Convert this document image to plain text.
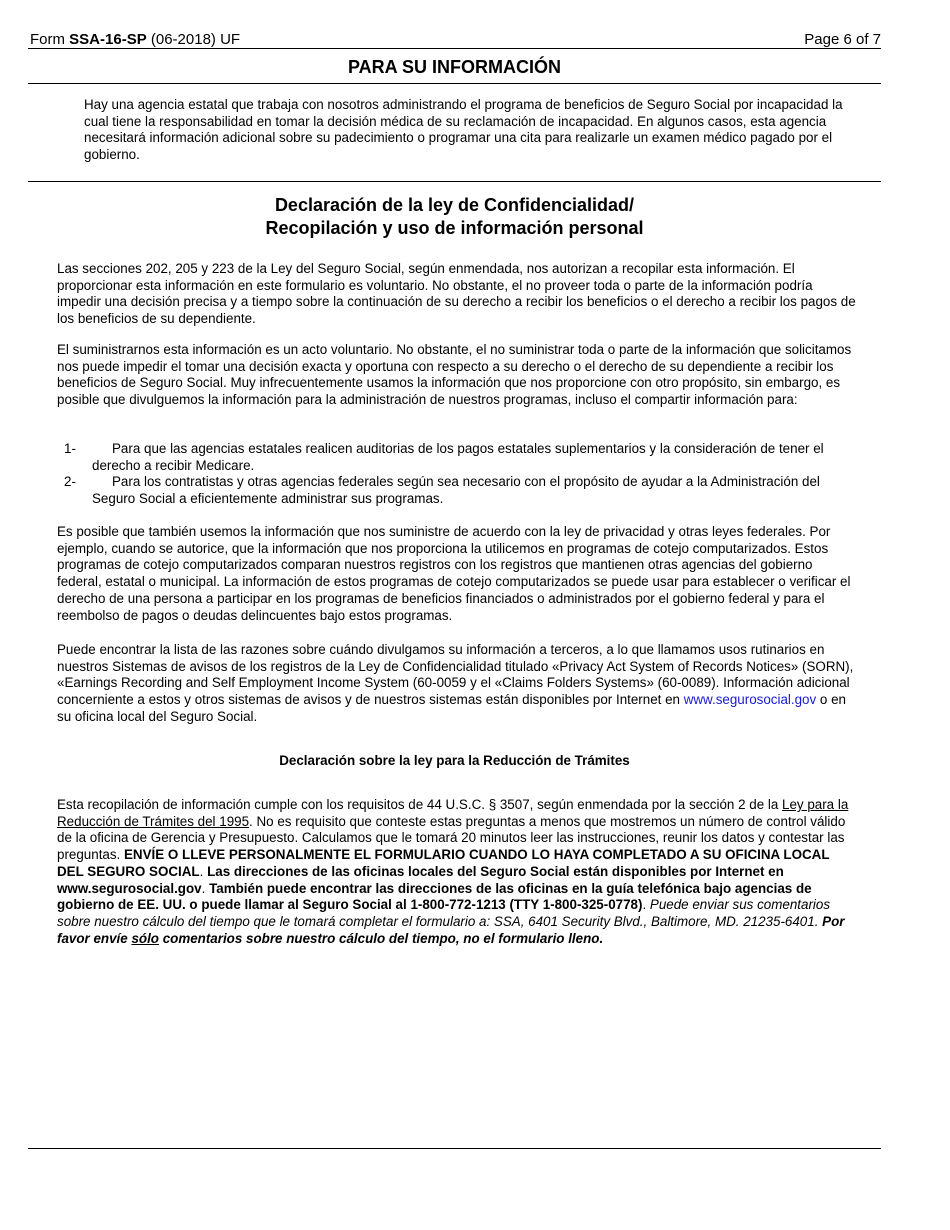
Form SSA-16-SP (06-2018) UF	Page 6 of 7
PARA SU INFORMACIÓN
Hay una agencia estatal que trabaja con nosotros administrando el programa de beneficios de Seguro Social por incapacidad la cual tiene la responsabilidad en tomar la decisión médica de su reclamación de incapacidad. En algunos casos, esta agencia necesitará información adicional sobre su padecimiento o programar una cita para realizarle un examen médico pagado por el gobierno.
Declaración de la ley de Confidencialidad/
Recopilación y uso de información personal
Las secciones 202, 205 y 223 de la Ley del Seguro Social, según enmendada, nos autorizan a recopilar esta información. El proporcionar esta información en este formulario es voluntario. No obstante, el no proveer toda o parte de la información podría impedir una decisión precisa y a tiempo sobre la continuación de su derecho a recibir los beneficios o el derecho a recibir los pagos de los beneficios de su dependiente.
El suministrarnos esta información es un acto voluntario. No obstante, el no suministrar toda o parte de la información que solicitamos nos puede impedir el tomar una decisión exacta y oportuna con respecto a su derecho o el derecho de su dependiente a recibir los beneficios de Seguro Social. Muy infrecuentemente usamos la información que nos proporcione con otro propósito, sin embargo, es posible que divulguemos la información para la administración de nuestros programas, incluso el compartir información para:
1-	Para que las agencias estatales realicen auditorias de los pagos estatales suplementarios y la consideración de tener el derecho a recibir Medicare.
2-	Para los contratistas y otras agencias federales según sea necesario con el propósito de ayudar a la Administración del Seguro Social a eficientemente administrar sus programas.
Es posible que también usemos la información que nos suministre de acuerdo con la ley de privacidad y otras leyes federales. Por ejemplo, cuando se autorice, que la información que nos proporciona la utilicemos en programas de cotejo computarizados. Estos programas de cotejo computarizados comparan nuestros registros con los registros que mantienen otras agencias del gobierno federal, estatal o municipal. La información de estos programas de cotejo computarizados se puede usar para establecer o verificar el derecho de una persona a participar en los programas de beneficios financiados o administrados por el gobierno federal y para el reembolso de pagos o deudas delincuentes bajo estos programas.
Puede encontrar la lista de las razones sobre cuándo divulgamos su información a terceros, a lo que llamamos usos rutinarios en nuestros Sistemas de avisos de los registros de la Ley de Confidencialidad titulado «Privacy Act System of Records Notices» (SORN), «Earnings Recording and Self Employment Income System (60-0059 y el «Claims Folders Systems» (60-0089). Información adicional concerniente a estos y otros sistemas de avisos y de nuestros sistemas están disponibles por Internet en www.segurosocial.gov o en su oficina local del Seguro Social.
Declaración sobre la ley para la Reducción de Trámites
Esta recopilación de información cumple con los requisitos de 44 U.S.C. § 3507, según enmendada por la sección 2 de la Ley para la Reducción de Trámites del 1995. No es requisito que conteste estas preguntas a menos que mostremos un número de control válido de la oficina de Gerencia y Presupuesto. Calculamos que le tomará 20 minutos leer las instrucciones, reunir los datos y contestar las preguntas. ENVÍE O LLEVE PERSONALMENTE EL FORMULARIO CUANDO LO HAYA COMPLETADO A SU OFICINA LOCAL DEL SEGURO SOCIAL. Las direcciones de las oficinas locales del Seguro Social están disponibles por Internet en www.segurosocial.gov. También puede encontrar las direcciones de las oficinas en la guía telefónica bajo agencias de gobierno de EE. UU. o puede llamar al Seguro Social al 1-800-772-1213 (TTY 1-800-325-0778). Puede enviar sus comentarios sobre nuestro cálculo del tiempo que le tomará completar el formulario a: SSA, 6401 Security Blvd., Baltimore, MD. 21235-6401. Por favor envíe sólo comentarios sobre nuestro cálculo del tiempo, no el formulario lleno.
